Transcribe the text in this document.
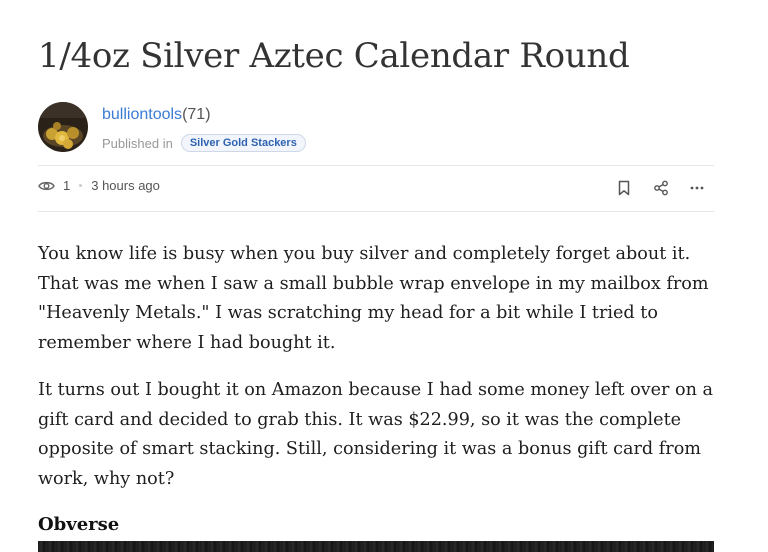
1/4oz Silver Aztec Calendar Round
bulliontools(71)
Published in	Silver Gold Stackers
1 3 hours ago

You know life is busy when you buy silver and completely forget about it. That was me when I saw a small bubble wrap envelope in my mailbox from "Heavenly Metals." I was scratching my head for a bit while I tried to remember where I had bought it.

It turns out I bought it on Amazon because I had some money left over on a gift card and decided to grab this. It was $22.99, so it was the complete opposite of smart stacking. Still, considering it was a bonus gift card from work, why not?

Obverse
